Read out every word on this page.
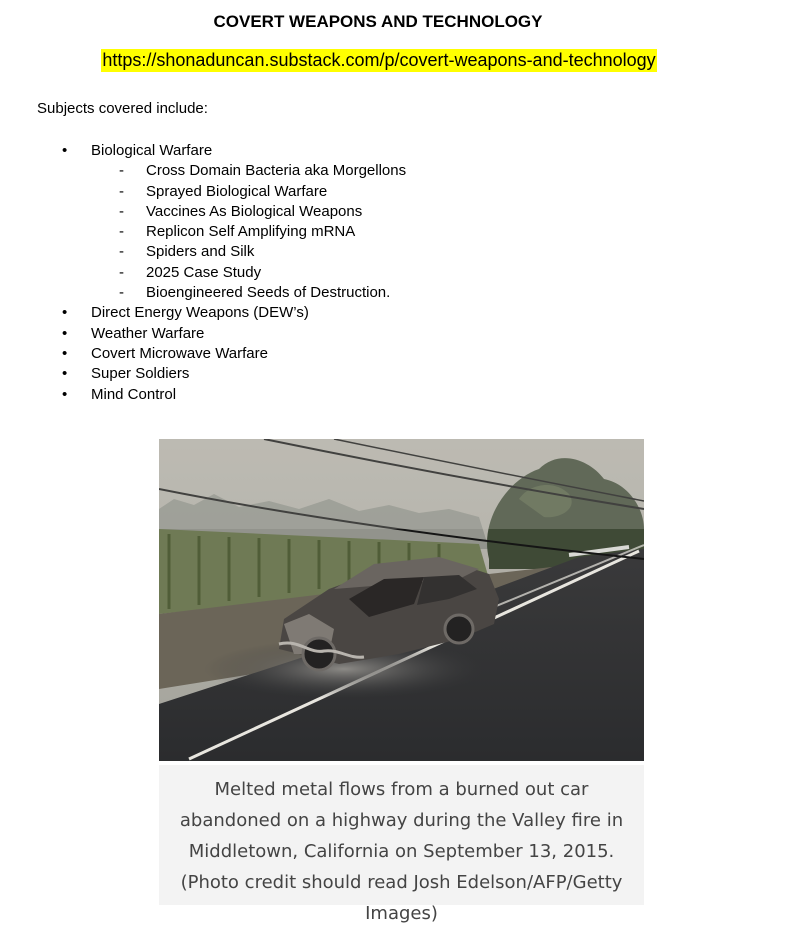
COVERT WEAPONS AND TECHNOLOGY
https://shonaduncan.substack.com/p/covert-weapons-and-technology
Subjects covered include:
•	Biological Warfare
- Cross Domain Bacteria aka Morgellons
- Sprayed Biological Warfare
- Vaccines As Biological Weapons
- Replicon Self Amplifying mRNA
- Spiders and Silk
- 2025 Case Study
- Bioengineered Seeds of Destruction.
•	Direct Energy Weapons (DEW’s)
•	Weather Warfare
•	Covert Microwave Warfare
•	Super Soldiers
•	Mind Control
Melted metal flows from a burned out car abandoned on a highway during the Valley fire in Middletown, California on September 13, 2015. (Photo credit should read Josh Edelson/AFP/Getty Images)
